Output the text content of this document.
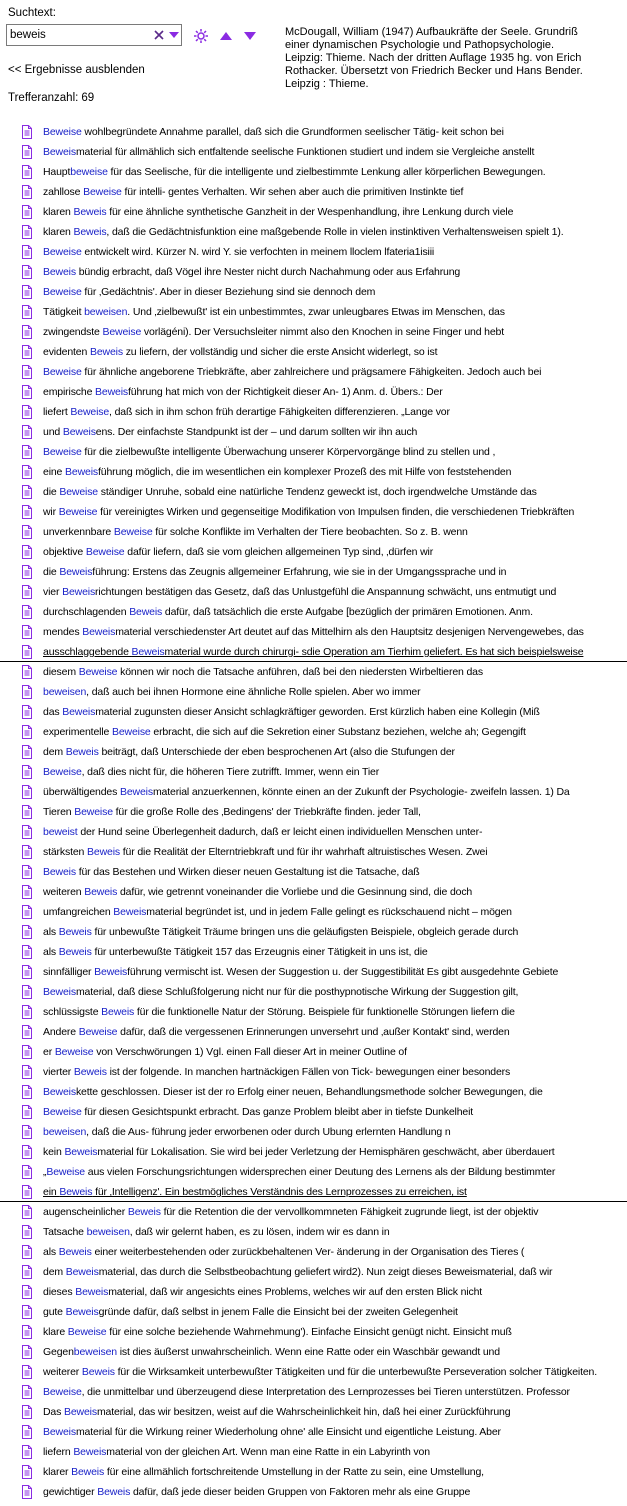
Suchtext:
beweis
McDougall, William (1947) Aufbaukräfte der Seele. Grundriß einer dynamischen Psychologie und Pathopsychologie. Leipzig: Thieme. Nach der dritten Auflage 1935 hg. von Erich Rothacker. Übersetzt von Friedrich Becker und Hans Bender. Leipzig : Thieme.
<< Ergebnisse ausblenden
Trefferanzahl: 69
Beweise wohlbegründete Annahme parallel, daß sich die Grundformen seelischer Tätig- keit schon bei
Beweismaterial für allmählich sich entfaltende seelische Funktionen studiert und indem sie Vergleiche anstellt
Hauptbeweise für das Seelische, für die intelligente und zielbestimmte Lenkung aller körperlichen Bewegungen.
zahllose Beweise für intelli- gentes Verhalten. Wir sehen aber auch die primitiven Instinkte tief
klaren Beweis für eine ähnliche synthetische Ganzheit in der Wespenhandlung, ihre Lenkung durch viele
klaren Beweis, daß die Gedächtnisfunktion eine maßgebende Rolle in vielen instinktiven Verhaltensweisen spielt 1).
Beweise entwickelt wird. Kürzer N. wird Y. sie verfochten in meinem lloclem lfateria1isiii
Beweis bündig erbracht, daß Vögel ihre Nester nicht durch Nachahmung oder aus Erfahrung
Beweise für ‚Gedächtnis'. Aber in dieser Beziehung sind sie dennoch dem
Tätigkeit beweisen. Und ‚zielbewußt' ist ein unbestimmtes, zwar unleugbares Etwas im Menschen, das
zwingendste Beweise vorlägéni). Der Versuchsleiter nimmt also den Knochen in seine Finger und hebt
evidenten Beweis zu liefern, der vollständig und sicher die erste Ansicht widerlegt, so ist
Beweise für ähnliche angeborene Triebkräfte, aber zahlreichere und prägsamere Fähigkeiten. Jedoch auch bei
empirische Beweisführung hat mich von der Richtigkeit dieser An- 1) Anm. d. Übers.: Der
liefert Beweise, daß sich in ihm schon früh derartige Fähigkeiten differenzieren. „Lange vor
und Beweisens. Der einfachste Standpunkt ist der – und darum sollten wir ihn auch
Beweise für die zielbewußte intelligente Überwachung unserer Körpervorgänge blind zu stellen und ,
eine Beweisführung möglich, die im wesentlichen ein komplexer Prozeß des mit Hilfe von feststehenden
die Beweise ständiger Unruhe, sobald eine natürliche Tendenz geweckt ist, doch irgendwelche Umstände das
wir Beweise für vereinigtes Wirken und gegenseitige Modifikation von Impulsen finden, die verschiedenen Triebkräften
unverkennbare Beweise für solche Konflikte im Verhalten der Tiere beobachten. So z. B. wenn
objektive Beweise dafür liefern, daß sie vom gleichen allgemeinen Typ sind, ‚dürfen wir
die Beweisführung: Erstens das Zeugnis allgemeiner Erfahrung, wie sie in der Umgangssprache und in
vier Beweisrichtungen bestätigen das Gesetz, daß das Unlustgefühl die Anspannung schwächt, uns entmutigt und
durchschlagenden Beweis dafür, daß tatsächlich die erste Aufgabe [bezüglich der primären Emotionen. Anm.
mendes Beweismaterial verschiedenster Art deutet auf das Mittelhirn als den Hauptsitz desjenigen Nervengewebes, das
ausschlaggebende Beweismaterial wurde durch chirurgi- sdie Operation am Tierhim geliefert. Es hat sich beispielsweise
diesem Beweise können wir noch die Tatsache anführen, daß bei den niedersten Wirbeltieren das
beweisen, daß auch bei ihnen Hormone eine ähnliche Rolle spielen. Aber wo immer
das Beweismaterial zugunsten dieser Ansicht schlagkräftiger geworden. Erst kürzlich haben eine Kollegin (Miß
experimentelle Beweise erbracht, die sich auf die Sekretion einer Substanz beziehen, welche ah; Gegengift
dem Beweis beiträgt, daß Unterschiede der eben besprochenen Art (also die Stufungen der
Beweise, daß dies nicht für, die höheren Tiere zutrifft. Immer, wenn ein Tier
überwältigendes Beweismaterial anzuerkennen, könnte einen an der Zukunft der Psychologie- zweifeln lassen. 1) Da
Tieren Beweise für die große Rolle des ‚Bedingens' der Triebkräfte finden. jeder Tall,
beweist der Hund seine Überlegenheit dadurch, daß er leicht einen individuellen Menschen unter-
stärksten Beweis für die Realität der Elterntriebkraft und für ihr wahrhaft altruistisches Wesen. Zwei
Beweis für das Bestehen und Wirken dieser neuen Gestaltung ist die Tatsache, daß
weiteren Beweis dafür, wie getrennt voneinander die Vorliebe und die Gesinnung sind, die doch
umfangreichen Beweismaterial begründet ist, und in jedem Falle gelingt es rückschauend nicht – mögen
als Beweis für unbewußte Tätigkeit Träume bringen uns die geläufigsten Beispiele, obgleich gerade durch
als Beweis für unterbewußte Tätigkeit 157 das Erzeugnis einer Tätigkeit in uns ist, die
sinnfälliger Beweisführung vermischt ist. Wesen der Suggestion u. der Suggestibilität Es gibt ausgedehnte Gebiete
Beweismaterial, daß diese Schlußfolgerung nicht nur für die posthypnotische Wirkung der Suggestion gilt,
schlüssigste Beweis für die funktionelle Natur der Störung. Beispiele für funktionelle Störungen liefern die
Andere Beweise dafür, daß die vergessenen Erinnerungen unversehrt und ‚außer Kontakt' sind, werden
er Beweise von Verschwörungen 1) Vgl. einen Fall dieser Art in meiner Outline of
vierter Beweis ist der folgende. In manchen hartnäckigen Fällen von Tick- bewegungen einer besonders
Beweiskette geschlossen. Dieser ist der ro Erfolg einer neuen, Behandlungsmethode solcher Bewegungen, die
Beweise für diesen Gesichtspunkt erbracht. Das ganze Problem bleibt aber in tiefste Dunkelheit
beweisen, daß die Aus- führung jeder erworbenen oder durch Ubung erlernten Handlung n
kein Beweismaterial für Lokalisation. Sie wird bei jeder Verletzung der Hemisphären geschwächt, aber überdauert
„Beweise aus vielen Forschungsrichtungen widersprechen einer Deutung des Lernens als der Bildung bestimmter
ein Beweis für ‚Intelligenz'. Ein bestmögliches Verständnis des Lernprozesses zu erreichen, ist
augenscheinlicher Beweis für die Retention die der vervollkommneten Fähigkeit zugrunde liegt, ist der objektiv
Tatsache beweisen, daß wir gelernt haben, es zu lösen, indem wir es dann in
als Beweis einer weiterbestehenden oder zurückbehaltenen Ver- änderung in der Organisation des Tieres (
dem Beweismaterial, das durch die Selbstbeobachtung geliefert wird2). Nun zeigt dieses Beweismaterial, daß wir
dieses Beweismaterial, daß wir angesichts eines Problems, welches wir auf den ersten Blick nicht
gute Beweisgründe dafür, daß selbst in jenem Falle die Einsicht bei der zweiten Gelegenheit
klare Beweise für eine solche beziehende Wahrnehmung'). Einfache Einsicht genügt nicht. Einsicht muß
Gegenbeweisen ist dies äußerst unwahrscheinlich. Wenn eine Ratte oder ein Waschbär gewandt und
weiterer Beweis für die Wirksamkeit unterbewußter Tätigkeiten und für die unterbewußte Perseveration solcher Tätigkeiten.
Beweise, die unmittelbar und überzeugend diese Interpretation des Lernprozesses bei Tieren unterstützen. Professor
Das Beweismaterial, das wir besitzen, weist auf die Wahrscheinlichkeit hin, daß hei einer Zurückführung
Beweismaterial für die Wirkung reiner Wiederholung ohne' alle Einsicht und eigentliche Leistung. Aber
liefern Beweismaterial von der gleichen Art. Wenn man eine Ratte in ein Labyrinth von
klarer Beweis für eine allmählich fortschreitende Umstellung in der Ratte zu sein, eine Umstellung,
gewichtiger Beweis dafür, daß jede dieser beiden Gruppen von Faktoren mehr als eine Gruppe
